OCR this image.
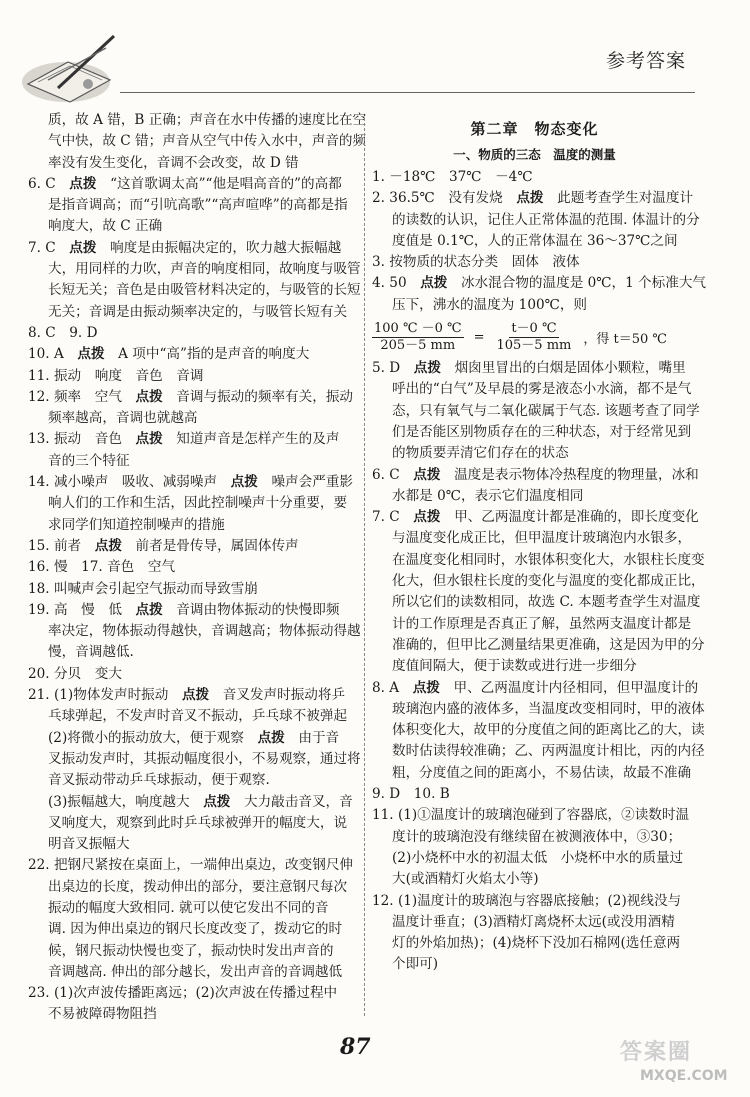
参考答案

质，故 A 错，B 正确；声音在水中传播的速度比在空

气中快，故 C 错；声音从空气中传入水中，声音的频

率没有发生变化，音调不会改变，故 D 错

6. C　点拨　“这首歌调太高”“他是唱高音的”的高都

是指音调高；而“引吭高歌”“高声喧哗”的高都是指

响度大，故 C 正确

7. C　点拨　响度是由振幅决定的，吹力越大振幅越

大，用同样的力吹，声音的响度相同，故响度与吸管

长短无关；音色是由吸管材料决定的，与吸管的长短

无关；音调是由振动频率决定的，与吸管长短有关

8. C　9. D

10. A　点拨　A 项中“高”指的是声音的响度大

11. 振动　响度　音色　音调

12. 频率　空气　点拨　音调与振动的频率有关，振动

频率越高，音调也就越高

13. 振动　音色　点拨　知道声音是怎样产生的及声

音的三个特征

14. 减小噪声　吸收、减弱噪声　点拨　噪声会严重影

响人们的工作和生活，因此控制噪声十分重要，要

求同学们知道控制噪声的措施

15. 前者　点拨　前者是骨传导，属固体传声

16. 慢　17. 音色　空气

18. 叫喊声会引起空气振动而导致雪崩

19. 高　慢　低　点拨　音调由物体振动的快慢即频

率决定，物体振动得越快，音调越高；物体振动得越

慢，音调越低.

20. 分贝　变大

21. (1)物体发声时振动　点拨　音叉发声时振动将乒

乓球弹起，不发声时音叉不振动，乒乓球不被弹起

(2)将微小的振动放大，便于观察　点拨　由于音

叉振动发声时，其振动幅度很小，不易观察，通过将

音叉振动带动乒乓球振动，便于观察.

(3)振幅越大，响度越大　点拨　大力敲击音叉，音

叉响度大，观察到此时乒乓球被弹开的幅度大，说

明音叉振幅大

22. 把钢尺紧按在桌面上，一端伸出桌边，改变钢尺伸

出桌边的长度，拨动伸出的部分，要注意钢尺每次

振动的幅度大致相同. 就可以使它发出不同的音

调. 因为伸出桌边的钢尺长度改变了，拨动它的时

候，钢尺振动快慢也变了，振动快时发出声音的

音调越高. 伸出的部分越长，发出声音的音调越低

23. (1)次声波传播距离远；(2)次声波在传播过程中

不易被障碍物阻挡

第二章　物态变化
一、物质的三态　温度的测量

1. －18℃　37℃　－4℃

2. 36.5℃　没有发烧　点拨　此题考查学生对温度计

的读数的认识，记住人正常体温的范围. 体温计的分

度值是 0.1℃，人的正常体温在 36～37℃之间

3. 按物质的状态分类　固体　液体

4. 50　点拨　冰水混合物的温度是 0℃，1 个标准大气

压下，沸水的温度为 100℃，则

$\frac{100 ℃ -0 ℃}{205-5 mm} = \frac{t-0 ℃}{105-5 mm}$ ，得 t＝50 ℃

5. D　点拨　烟囱里冒出的白烟是固体小颗粒，嘴里

呼出的“白气”及早晨的雾是液态小水滴，都不是气

态，只有氧气与二氧化碳属于气态. 该题考查了同学

们是否能区别物质存在的三种状态，对于经常见到

的物质要弄清它们存在的状态

6. C　点拨　温度是表示物体冷热程度的物理量，冰和

水都是 0℃，表示它们温度相同

7. C　点拨　甲、乙两温度计都是准确的，即长度变化

与温度变化成正比，但甲温度计玻璃泡内水银多，

在温度变化相同时，水银体积变化大，水银柱长度变

化大，但水银柱长度的变化与温度的变化都成正比，

所以它们的读数相同，故选 C. 本题考查学生对温度

计的工作原理是否真正了解，虽然两支温度计都是

准确的，但甲比乙测量结果更准确，这是因为甲的分

度值间隔大，便于读数或进行进一步细分

8. A　点拨　甲、乙两温度计内径相同，但甲温度计的

玻璃泡内盛的液体多，当温度改变相同时，甲的液体

体积变化大，故甲的分度值之间的距离比乙的大，读

数时估读得较准确；乙、丙两温度计相比，丙的内径

粗，分度值之间的距离小，不易估读，故最不准确

9. D　10. B

11. (1)①温度计的玻璃泡碰到了容器底，②读数时温

度计的玻璃泡没有继续留在被测液体中，③30；

(2)小烧杯中水的初温太低　小烧杯中水的质量过

大(或酒精灯火焰太小等)

12. (1)温度计的玻璃泡与容器底接触；(2)视线没与

温度计垂直；(3)酒精灯离烧杯太远(或没用酒精

灯的外焰加热)；(4)烧杯下没加石棉网(选任意两

个即可)

87	答案圈
MXQE.COM
